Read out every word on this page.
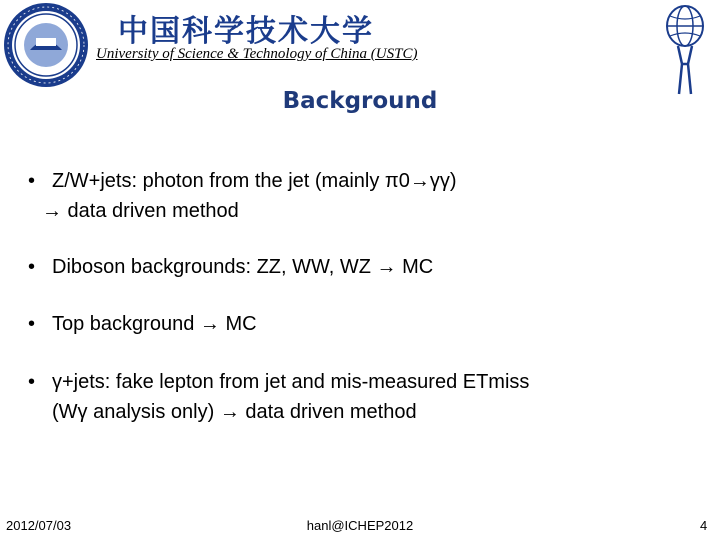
中国科学技术大学
University of Science & Technology of China (USTC)
Background
• Z/W+jets: photon from the jet (mainly π0→γγ)
→ data driven method
• Diboson backgrounds: ZZ, WW, WZ → MC
• Top background → MC
• γ+jets: fake lepton from jet and mis-measured ETmiss
(Wγ analysis only) → data driven method
2012/07/03	hanl@ICHEP2012	4
